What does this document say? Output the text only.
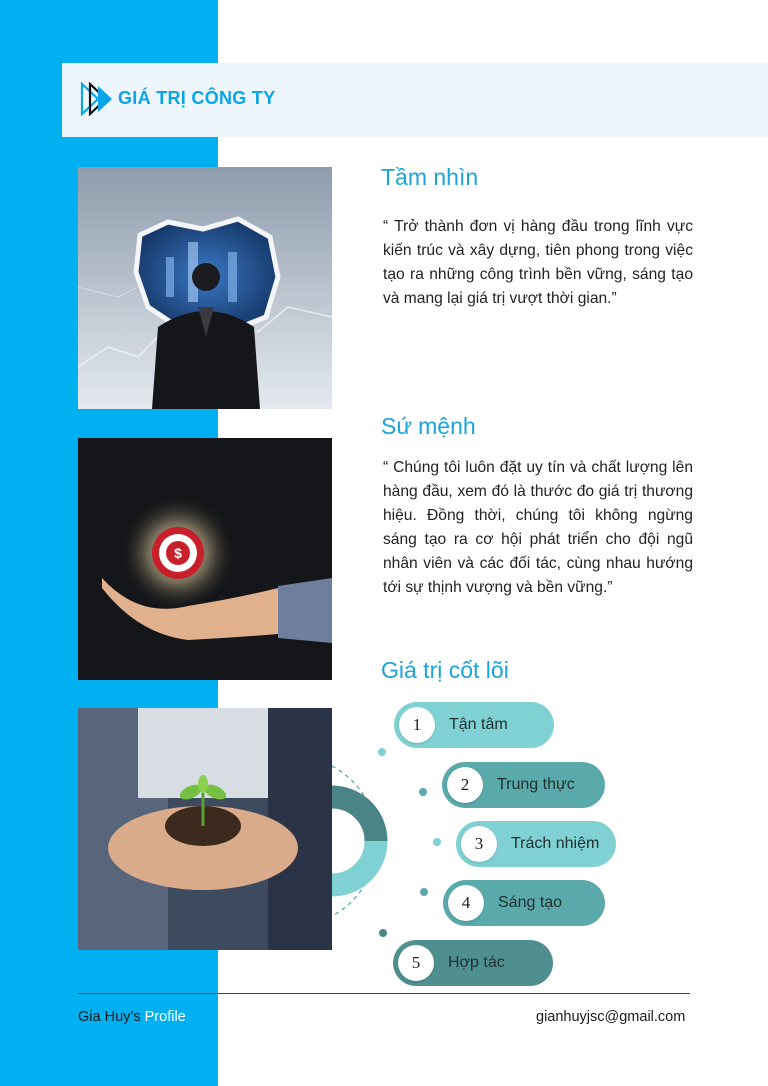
GIÁ TRỊ CÔNG TY
Tầm nhìn
“ Trở thành đơn vị hàng đầu trong lĩnh vực kiến trúc và xây dựng, tiên phong trong việc tạo ra những công trình bền vững, sáng tạo và mang lại giá trị vượt thời gian.”
$
Sứ mệnh
“ Chúng tôi luôn đặt uy tín và chất lượng lên hàng đầu, xem đó là thước đo giá trị thương hiệu. Đồng thời, chúng tôi không ngừng sáng tạo ra cơ hội phát triển cho đội ngũ nhân viên và các đối tác, cùng nhau hướng tới sự thịnh vượng và bền vững.”
Giá trị cốt lõi
1	Tận tâm
2	Trung thực
3	Trách nhiệm
4	Sáng tạo
5	Hợp tác
Gia Huy’s Profile	gianhuyjsc@gmail.com
